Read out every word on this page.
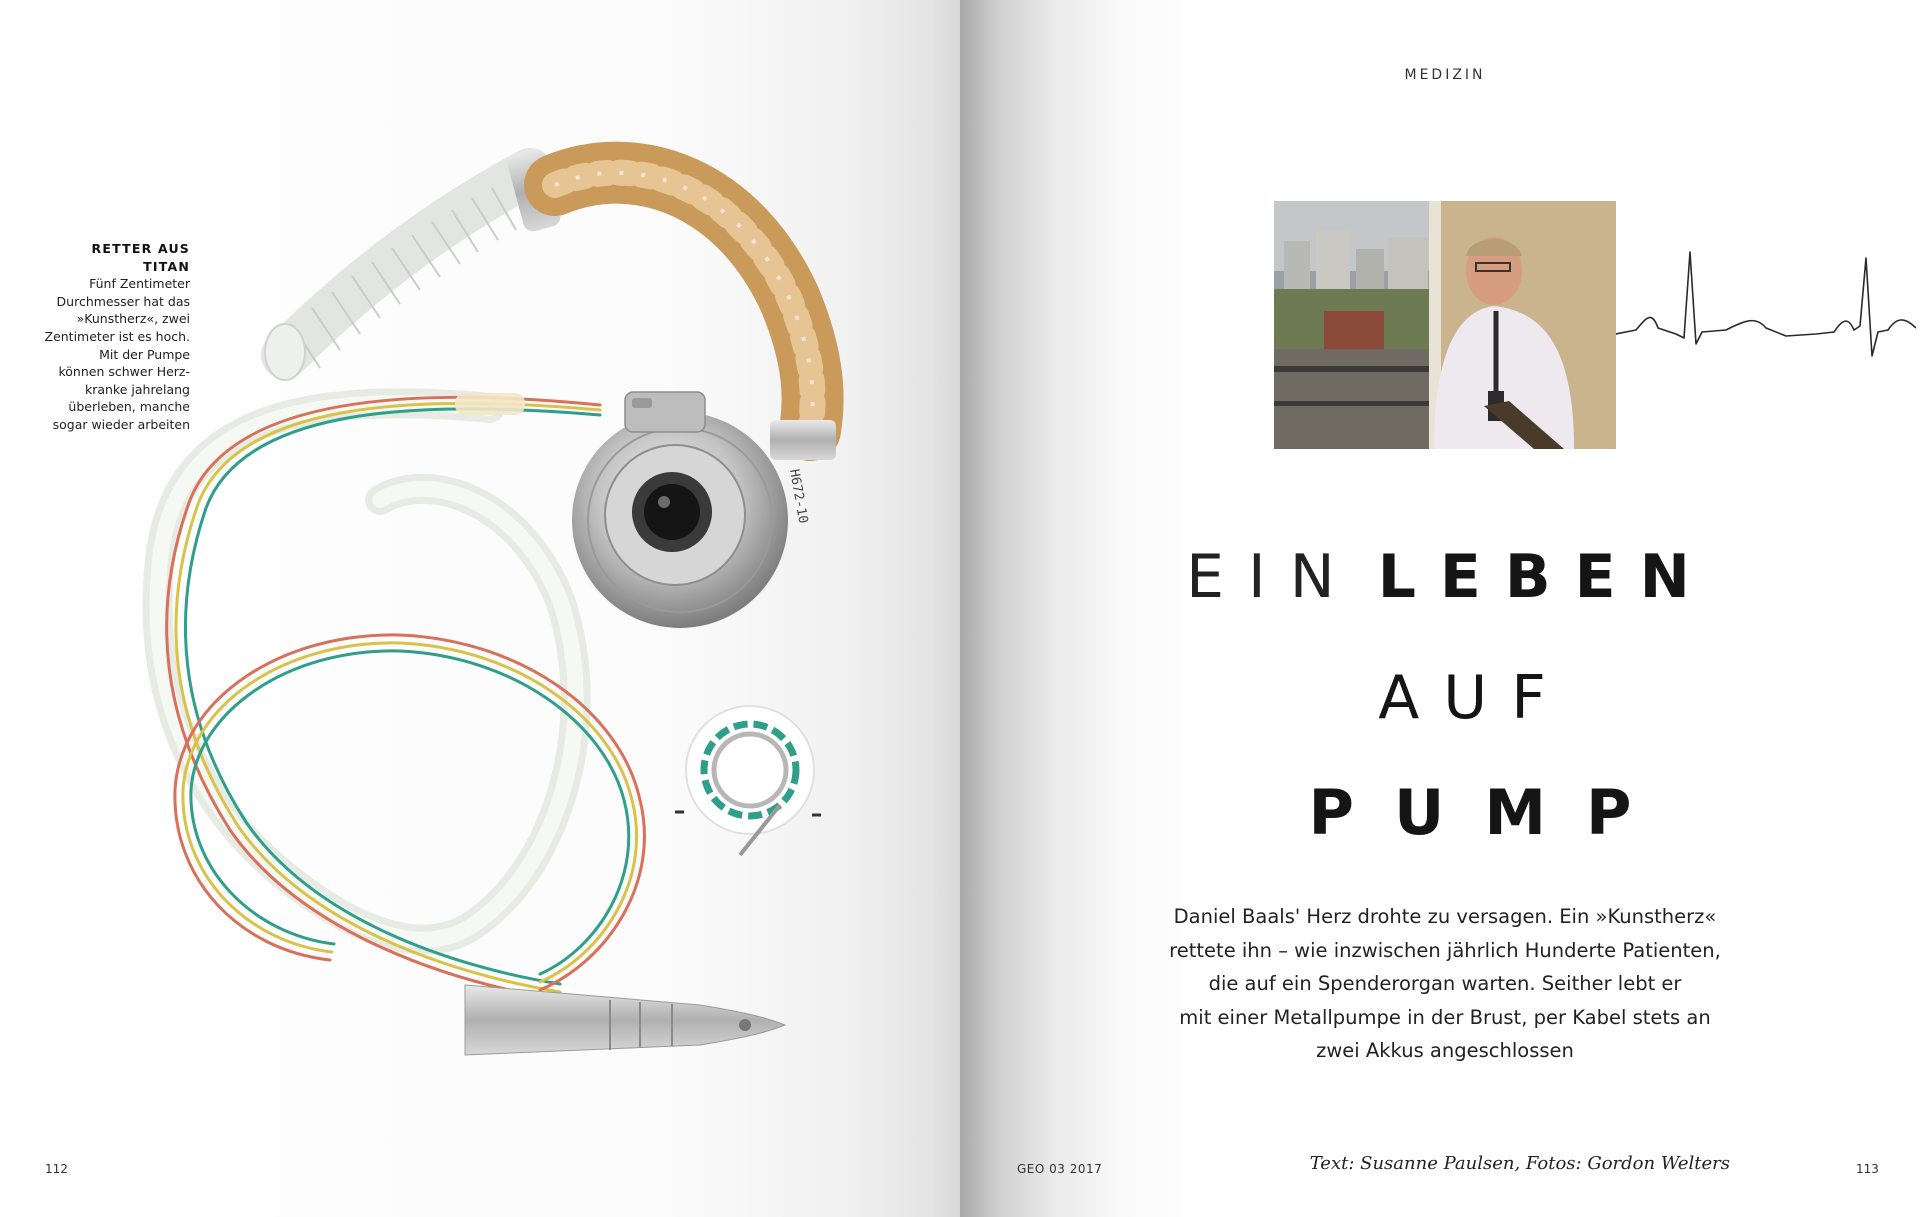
RETTER AUS TITAN
Fünf Zentimeter
Durchmesser hat das
»Kunstherz«, zwei
Zentimeter ist es hoch.
Mit der Pumpe
können schwer Herz-
kranke jahrelang
überleben, manche
sogar wieder arbeiten
H672-10
112
MEDIZIN
EIN LEBEN
AUF
PUMP
Daniel Baals' Herz drohte zu versagen. Ein »Kunstherz«
rettete ihn – wie inzwischen jährlich Hunderte Patienten,
die auf ein Spenderorgan warten. Seither lebt er
mit einer Metallpumpe in der Brust, per Kabel stets an
zwei Akkus angeschlossen
Text: Susanne Paulsen, Fotos: Gordon Welters
GEO 03 2017	113
